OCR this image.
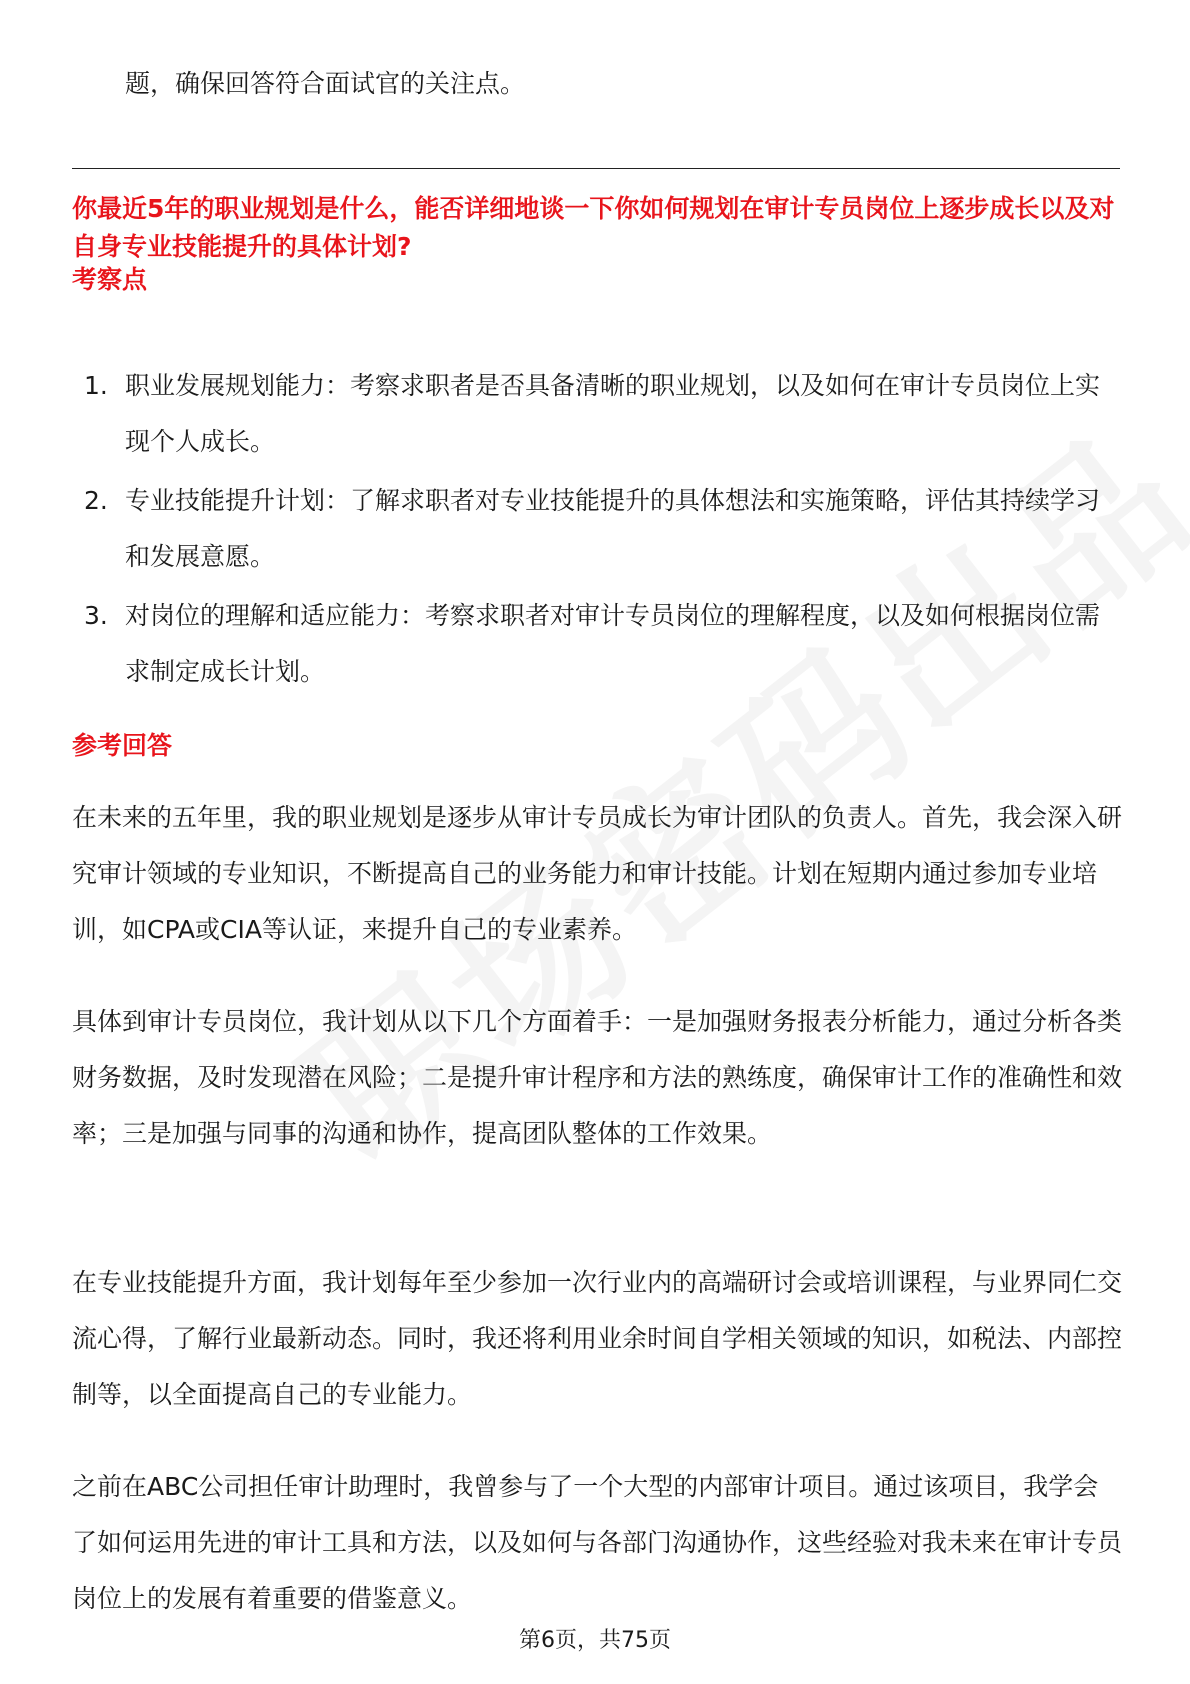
题，确保回答符合面试官的关注点。
你最近5年的职业规划是什么，能否详细地谈一下你如何规划在审计专员岗位上逐步成长以及对自身专业技能提升的具体计划?
考察点
1. 职业发展规划能力：考察求职者是否具备清晰的职业规划，以及如何在审计专员岗位上实现个人成长。
2. 专业技能提升计划：了解求职者对专业技能提升的具体想法和实施策略，评估其持续学习和发展意愿。
3. 对岗位的理解和适应能力：考察求职者对审计专员岗位的理解程度，以及如何根据岗位需求制定成长计划。
参考回答

在未来的五年里，我的职业规划是逐步从审计专员成长为审计团队的负责人。首先，我会深入研究审计领域的专业知识，不断提高自己的业务能力和审计技能。计划在短期内通过参加专业培训，如CPA或CIA等认证，来提升自己的专业素养。

具体到审计专员岗位，我计划从以下几个方面着手：一是加强财务报表分析能力，通过分析各类财务数据，及时发现潜在风险；二是提升审计程序和方法的熟练度，确保审计工作的准确性和效率；三是加强与同事的沟通和协作，提高团队整体的工作效果。

在专业技能提升方面，我计划每年至少参加一次行业内的高端研讨会或培训课程，与业界同仁交流心得，了解行业最新动态。同时，我还将利用业余时间自学相关领域的知识，如税法、内部控制等，以全面提高自己的专业能力。

之前在ABC公司担任审计助理时，我曾参与了一个大型的内部审计项目。通过该项目，我学会了如何运用先进的审计工具和方法，以及如何与各部门沟通协作，这些经验对我未来在审计专员岗位上的发展有着重要的借鉴意义。

第6页，共75页
